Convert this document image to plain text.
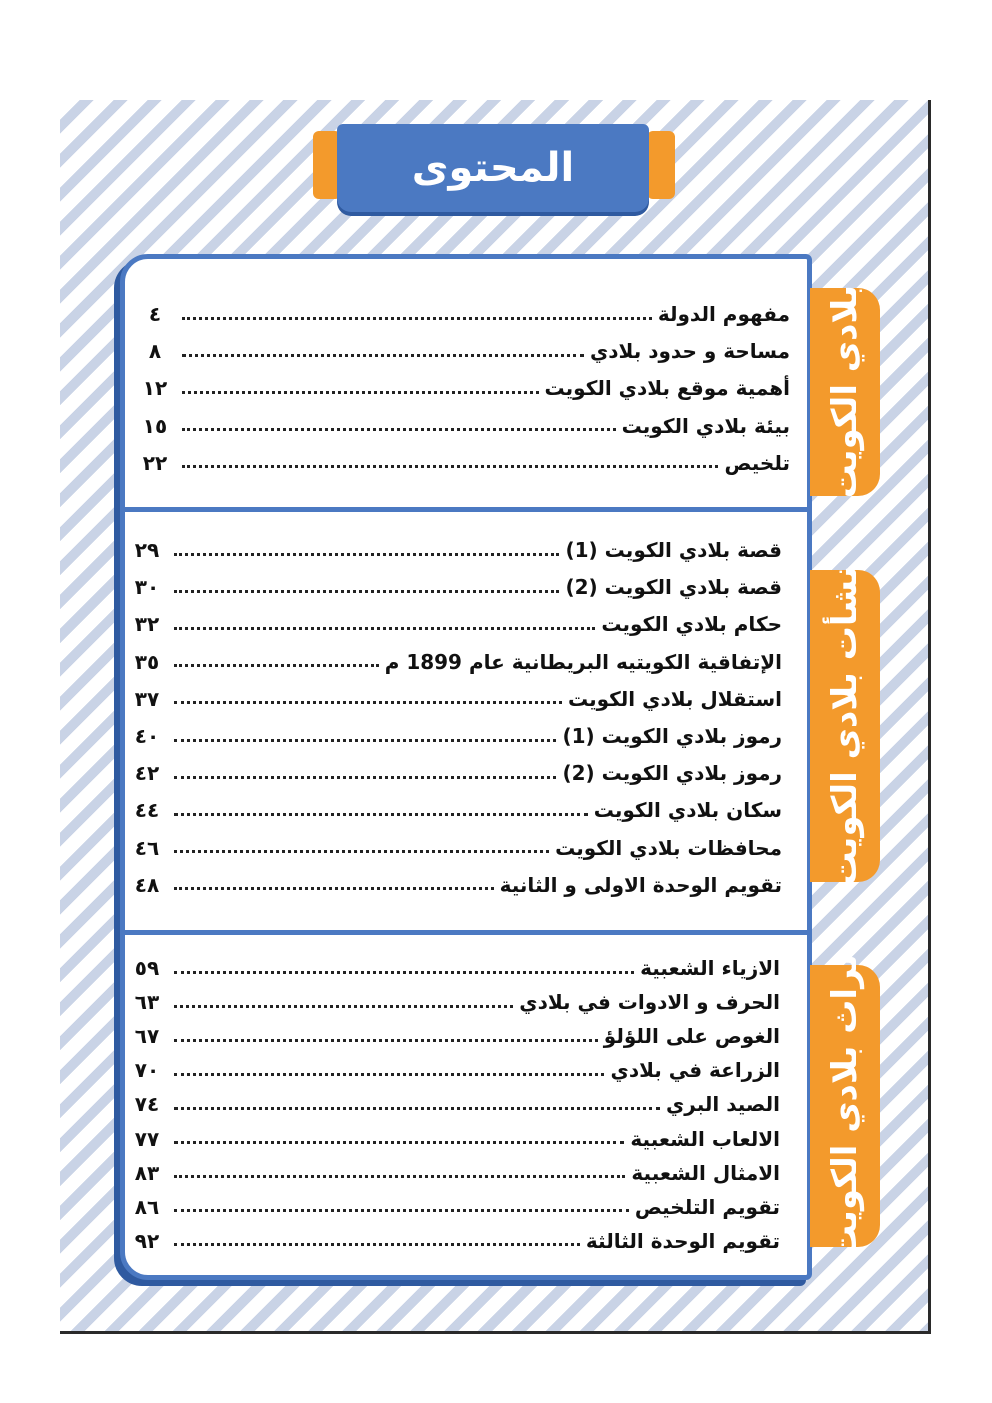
المحتوى
بلادي الكويت
نشأت بلادي الكويت
تراث بلادي الكويت
مفهوم الدولة
٤
مساحة و حدود بلادي
٨
أهمية موقع بلادي الكويت
١٢
بيئة بلادي الكويت
١٥
تلخيص
٢٢
قصة بلادي الكويت (1)
٢٩
قصة بلادي الكويت (2)
٣٠
حكام بلادي الكويت
٣٢
الإتفاقية الكويتيه البريطانية عام 1899 م
٣٥
استقلال بلادي الكويت
٣٧
رموز بلادي الكويت (1)
٤٠
رموز بلادي الكويت (2)
٤٢
سكان بلادي الكويت
٤٤
محافظات بلادي الكويت
٤٦
تقويم الوحدة الاولى و الثانية
٤٨
الازياء الشعبية
٥٩
الحرف و الادوات في بلادي
٦٣
الغوص على اللؤلؤ
٦٧
الزراعة في بلادي
٧٠
الصيد البري
٧٤
الالعاب الشعبية
٧٧
الامثال الشعبية
٨٣
تقويم التلخيص
٨٦
تقويم الوحدة الثالثة
٩٢
